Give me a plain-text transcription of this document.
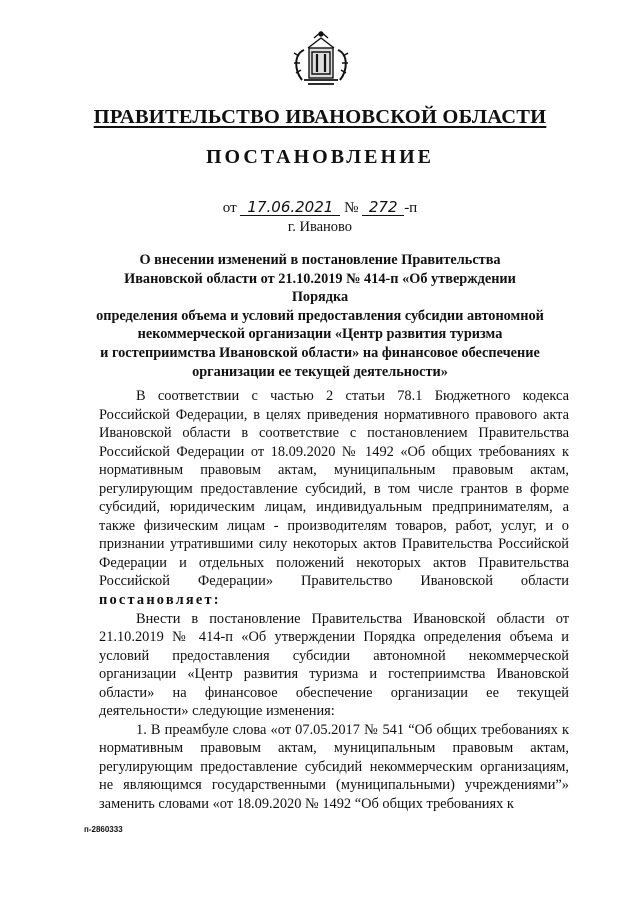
ПРАВИТЕЛЬСТВО ИВАНОВСКОЙ ОБЛАСТИ
ПОСТАНОВЛЕНИЕ
от 17.06.2021 № 272 -п
г. Иваново
О внесении изменений в постановление Правительства
Ивановской области от 21.10.2019 № 414-п «Об утверждении Порядка
определения объема и условий предоставления субсидии автономной
некоммерческой организации «Центр развития туризма
и гостеприимства Ивановской области» на финансовое обеспечение
организации ее текущей деятельности»

В соответствии с частью 2 статьи 78.1 Бюджетного кодекса Российской Федерации, в целях приведения нормативного правового акта Ивановской области в соответствие с постановлением Правительства Российской Федерации от 18.09.2020 № 1492 «Об общих требованиях к нормативным правовым актам, муниципальным правовым актам, регулирующим предоставление субсидий, в том числе грантов в форме субсидий, юридическим лицам, индивидуальным предпринимателям, а также физическим лицам - производителям товаров, работ, услуг, и о признании утратившими силу некоторых актов Правительства Российской Федерации и отдельных положений некоторых актов Правительства Российской Федерации» Правительство Ивановской области постановляет:

Внести в постановление Правительства Ивановской области от 21.10.2019 № 414-п «Об утверждении Порядка определения объема и условий предоставления субсидии автономной некоммерческой организации «Центр развития туризма и гостеприимства Ивановской области» на финансовое обеспечение организации ее текущей деятельности» следующие изменения:

1. В преамбуле слова «от 07.05.2017 № 541 “Об общих требованиях к нормативным правовым актам, муниципальным правовым актам, регулирующим предоставление субсидий некоммерческим организациям, не являющимся государственными (муниципальными) учреждениями”» заменить словами «от 18.09.2020 № 1492 “Об общих требованиях к

п-2860333
